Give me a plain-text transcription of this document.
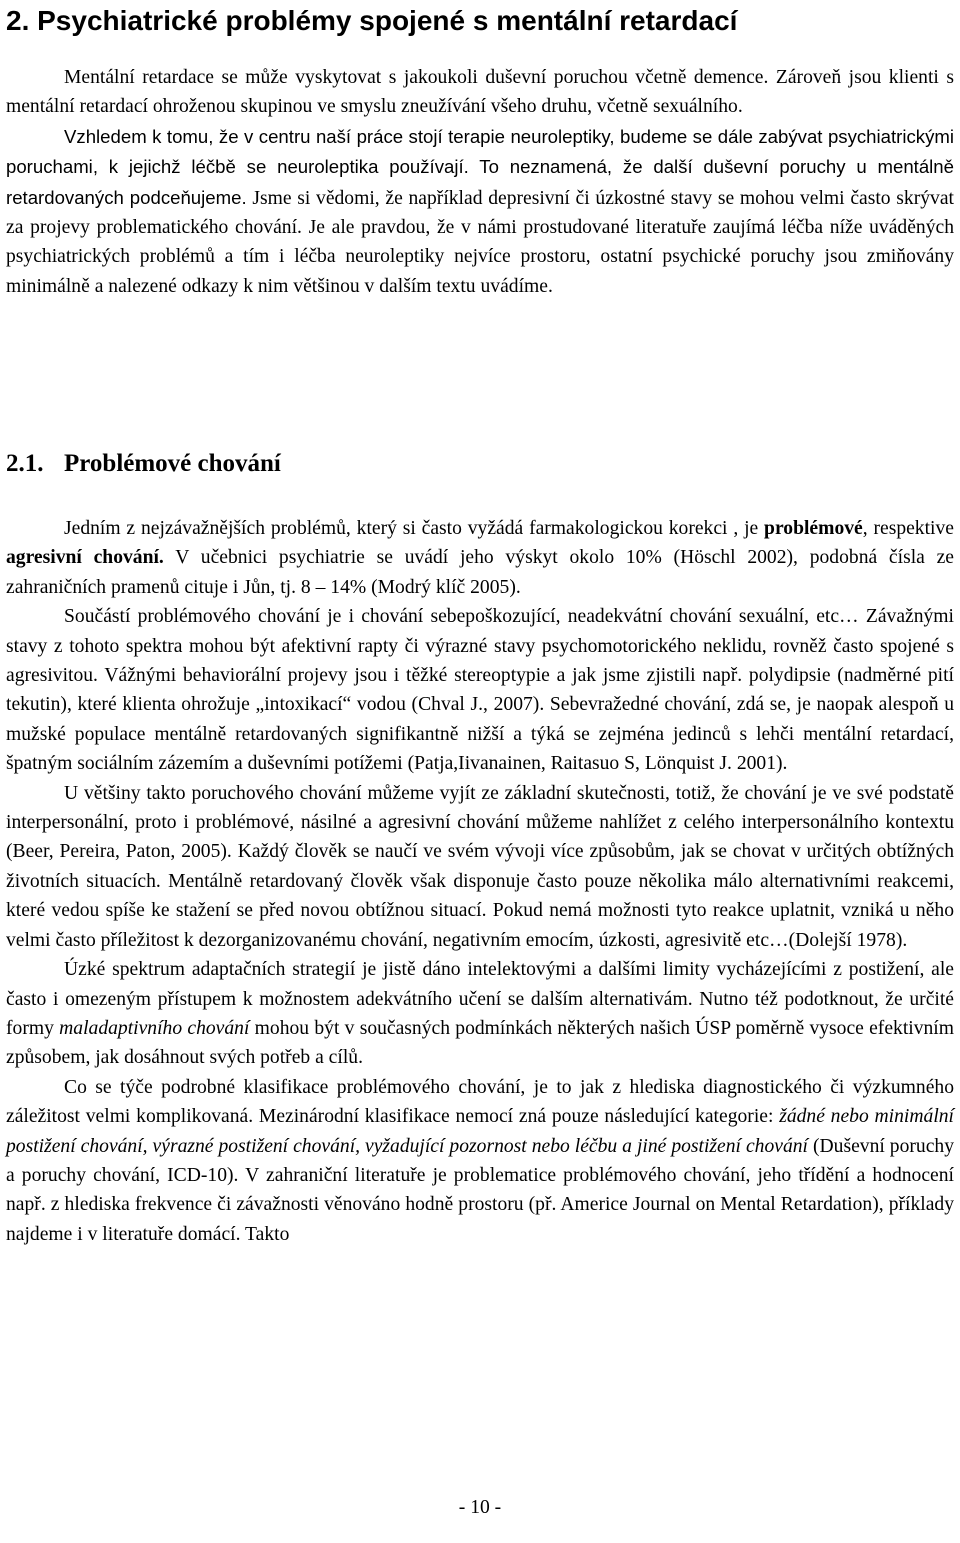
2. Psychiatrické problémy spojené s mentální retardací

Mentální retardace se může vyskytovat s jakoukoli duševní poruchou včetně demence. Zároveň jsou klienti s mentální retardací ohroženou skupinou ve smyslu zneužívání všeho druhu, včetně sexuálního.

Vzhledem k tomu, že v centru naší práce stojí terapie neuroleptiky, budeme se dále zabývat psychiatrickými poruchami, k jejichž léčbě se neuroleptika používají. To neznamená, že další duševní poruchy u mentálně retardovaných podceňujeme. Jsme si vědomi, že například depresivní či úzkostné stavy se mohou velmi často skrývat za projevy problematického chování. Je ale pravdou, že v námi prostudované literatuře zaujímá léčba níže uváděných psychiatrických problémů a tím i léčba neuroleptiky nejvíce prostoru, ostatní psychické poruchy jsou zmiňovány minimálně a nalezené odkazy k nim většinou v dalším textu uvádíme.

2.1. Problémové chování

Jedním z nejzávažnějších problémů, který si často vyžádá farmakologickou korekci , je problémové, respektive agresivní chování. V učebnici psychiatrie se uvádí jeho výskyt okolo 10% (Höschl 2002), podobná čísla ze zahraničních pramenů cituje i Jůn, tj. 8 – 14% (Modrý klíč 2005).

Součástí problémového chování je i chování sebepoškozující, neadekvátní chování sexuální, etc… Závažnými stavy z tohoto spektra mohou být afektivní rapty či výrazné stavy psychomotorického neklidu, rovněž často spojené s agresivitou. Vážnými behaviorální projevy jsou i těžké stereoptypie a jak jsme zjistili např. polydipsie (nadměrné pití tekutin), které klienta ohrožuje „intoxikací“ vodou (Chval J., 2007). Sebevražedné chování, zdá se, je naopak alespoň u mužské populace mentálně retardovaných signifikantně nižší a týká se zejména jedinců s lehči mentální retardací, špatným sociálním zázemím a duševními potížemi (Patja,Iivanainen, Raitasuo S, Lönquist J. 2001).

U většiny takto poruchového chování můžeme vyjít ze základní skutečnosti, totiž, že chování je ve své podstatě interpersonální, proto i problémové, násilné a agresivní chování můžeme nahlížet z celého interpersonálního kontextu (Beer, Pereira, Paton, 2005). Každý člověk se naučí ve svém vývoji více způsobům, jak se chovat v určitých obtížných životních situacích. Mentálně retardovaný člověk však disponuje často pouze několika málo alternativními reakcemi, které vedou spíše ke stažení se před novou obtížnou situací. Pokud nemá možnosti tyto reakce uplatnit, vzniká u něho velmi často příležitost k dezorganizovanému chování, negativním emocím, úzkosti, agresivitě etc…(Dolejší 1978).

Úzké spektrum adaptačních strategií je jistě dáno intelektovými a dalšími limity vycházejícími z postižení, ale často i omezeným přístupem k možnostem adekvátního učení se dalším alternativám. Nutno též podotknout, že určité formy maladaptivního chování mohou být v současných podmínkách některých našich ÚSP poměrně vysoce efektivním způsobem, jak dosáhnout svých potřeb a cílů.

Co se týče podrobné klasifikace problémového chování, je to jak z hlediska diagnostického či výzkumného záležitost velmi komplikovaná. Mezinárodní klasifikace nemocí zná pouze následující kategorie: žádné nebo minimální postižení chování, výrazné postižení chování, vyžadující pozornost nebo léčbu a jiné postižení chování (Duševní poruchy a poruchy chování, ICD-10). V zahraniční literatuře je problematice problémového chování, jeho třídění a hodnocení např. z hlediska frekvence či závažnosti věnováno hodně prostoru (př. Americe Journal on Mental Retardation), příklady najdeme i v literatuře domácí. Takto

- 10 -
